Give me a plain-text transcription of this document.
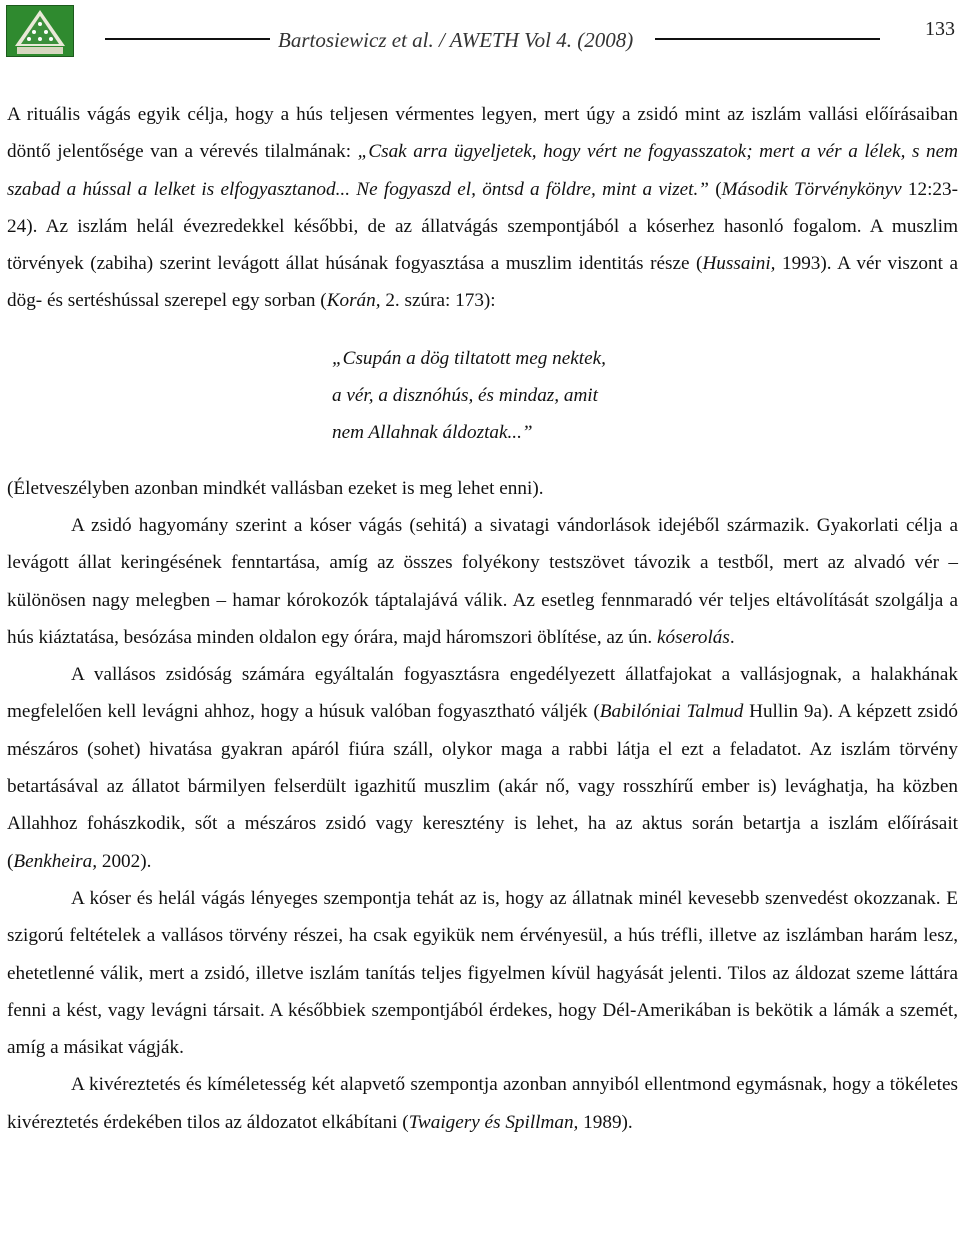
Bartosiewicz et al. / AWETH Vol 4. (2008)	133

A rituális vágás egyik célja, hogy a hús teljesen vérmentes legyen, mert úgy a zsidó mint az iszlám vallási előírásaiban döntő jelentősége van a vérevés tilalmának: „Csak arra ügyeljetek, hogy vért ne fogyasszatok; mert a vér a lélek, s nem szabad a hússal a lelket is elfogyasztanod... Ne fogyaszd el, öntsd a földre, mint a vizet.” (Második Törvénykönyv 12:23-24). Az iszlám helál évezredekkel későbbi, de az állatvágás szempontjából a kóserhez hasonló fogalom. A muszlim törvények (zabiha) szerint levágott állat húsának fogyasztása a muszlim identitás része (Hussaini, 1993). A vér viszont a dög- és sertéshússal szerepel egy sorban (Korán, 2. szúra: 173):

„Csupán a dög tiltatott meg nektek,
a vér, a disznóhús, és mindaz, amit
nem Allahnak áldoztak...”

(Életveszélyben azonban mindkét vallásban ezeket is meg lehet enni).

A zsidó hagyomány szerint a kóser vágás (sehitá) a sivatagi vándorlások idejéből származik. Gyakorlati célja a levágott állat keringésének fenntartása, amíg az összes folyékony testszövet távozik a testből, mert az alvadó vér – különösen nagy melegben – hamar kórokozók táptalajává válik. Az esetleg fennmaradó vér teljes eltávolítását szolgálja a hús kiáztatása, besózása minden oldalon egy órára, majd háromszori öblítése, az ún. kóserolás.

A vallásos zsidóság számára egyáltalán fogyasztásra engedélyezett állatfajokat a vallásjognak, a halakhának megfelelően kell levágni ahhoz, hogy a húsuk valóban fogyasztható váljék (Babilóniai Talmud Hullin 9a). A képzett zsidó mészáros (sohet) hivatása gyakran apáról fiúra száll, olykor maga a rabbi látja el ezt a feladatot. Az iszlám törvény betartásával az állatot bármilyen felserdült igazhitű muszlim (akár nő, vagy rosszhírű ember is) levághatja, ha közben Allahhoz fohászkodik, sőt a mészáros zsidó vagy keresztény is lehet, ha az aktus során betartja a iszlám előírásait (Benkheira, 2002).

A kóser és helál vágás lényeges szempontja tehát az is, hogy az állatnak minél kevesebb szenvedést okozzanak. E szigorú feltételek a vallásos törvény részei, ha csak egyikük nem érvényesül, a hús tréfli, illetve az iszlámban harám lesz, ehetetlenné válik, mert a zsidó, illetve iszlám tanítás teljes figyelmen kívül hagyását jelenti. Tilos az áldozat szeme láttára fenni a kést, vagy levágni társait. A későbbiek szempontjából érdekes, hogy Dél-Amerikában is bekötik a lámák a szemét, amíg a másikat vágják.

A kivéreztetés és kíméletesség két alapvető szempontja azonban annyiból ellentmond egymásnak, hogy a tökéletes kivéreztetés érdekében tilos az áldozatot elkábítani (Twaigery és Spillman, 1989).
